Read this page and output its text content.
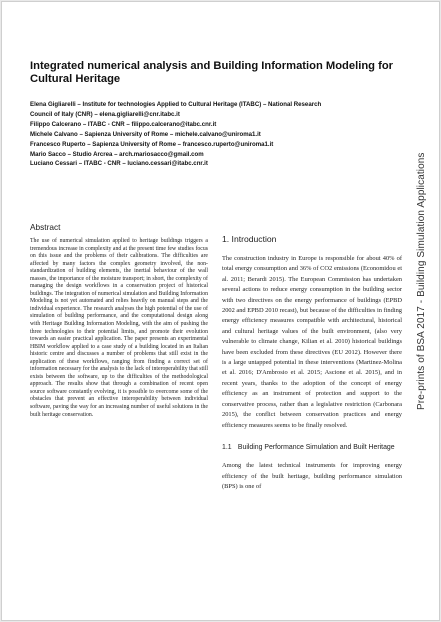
Integrated numerical analysis and Building Information Modeling for Cultural Heritage
Elena Gigliarelli – Institute for technologies Applied to Cultural Heritage (ITABC) – National Research
Council of Italy (CNR) – elena.gigliarelli@cnr.itabc.it
Filippo Calcerano – ITABC - CNR – filippo.calcerano@itabc.cnr.it
Michele Calvano – Sapienza University of Rome – michele.calvano@uniroma1.it
Francesco Ruperto – Sapienza University of Rome – francesco.ruperto@uniroma1.it
Mario Sacco – Studio Arcrea – arch.mariosacco@gmail.com
Luciano Cessari – ITABC - CNR – luciano.cessari@itabc.cnr.it
Abstract

The use of numerical simulation applied to heritage buildings triggers a tremendous increase in complexity and at the present time few studies focus on this issue and the problems of their calibrations. The difficulties are affected by many factors the complex geometry involved, the non-standardization of building elements, the inertial behaviour of the wall masses, the importance of the moisture transport; in short, the complexity of managing the design workflows in a conservation project of historical buildings. The integration of numerical simulation and Building Information Modeling is not yet automated and relies heavily on manual steps and the individual experience. The research analyses the high potential of the use of simulation of building performance, and the computational design along with Heritage Building Information Modeling, with the aim of pushing the three technologies to their potential limits, and promote their evolution towards an easier practical application. The paper presents an experimental HBIM workflow applied to a case study of a building located in an Italian historic centre and discusses a number of problems that still exist in the application of these workflows, ranging from finding a correct set of information necessary for the analysis to the lack of interoperability that still exists between the software, up to the difficulties of the methodological approach. The results show that through a combination of recent open source software constantly evolving, it is possible to overcome some of the obstacles that prevent an effective interoperability between individual software, paving the way for an increasing number of useful solutions in the built heritage conservation.

1. Introduction

The construction industry in Europe is responsible for about 40% of total energy consumption and 36% of CO2 emissions (Economidou et al. 2011; Berardi 2015). The European Commission has undertaken several actions to reduce energy consumption in the building sector with two directives on the energy performance of buildings (EPBD 2002 and EPBD 2010 recast), but because of the difficulties in finding energy efficiency measures compatible with architectural, historical and cultural heritage values of the built environment, (also very vulnerable to climate change, Kilian et al. 2010) historical buildings have been excluded from these directives (EU 2012). However there is a large untapped potential in these interventions (Martinez-Molina et al. 2016; D'Ambrosio et al. 2015; Ascione et al. 2015), and in recent years, thanks to the adoption of the concept of energy efficiency as an instrument of protection and support to the conservative process, rather than a legislative restriction (Carbonara 2015), the conflict between conservation practices and energy efficiency measures seems to be finally resolved.

1.1 Building Performance Simulation and Built Heritage

Among the latest technical instruments for improving energy efficiency of the built heritage, building performance simulation (BPS) is one of

Pre-prints of BSA 2017 - Building Simulation Applications
